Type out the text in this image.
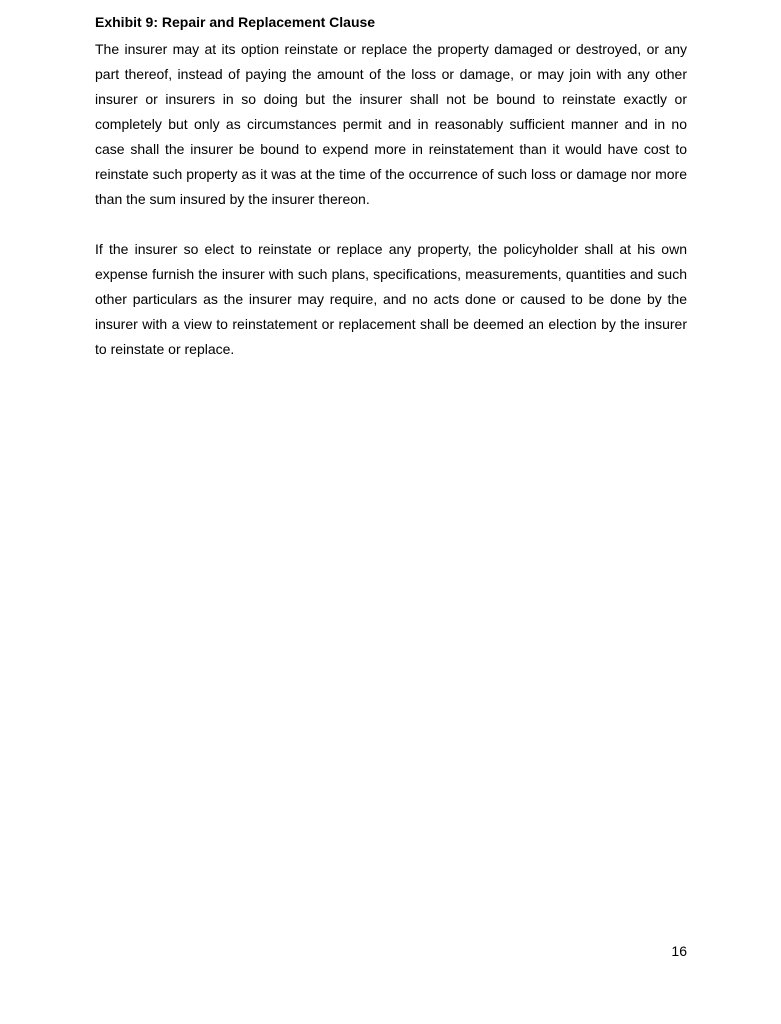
Exhibit 9: Repair and Replacement Clause

The insurer may at its option reinstate or replace the property damaged or destroyed, or any part thereof, instead of paying the amount of the loss or damage, or may join with any other insurer or insurers in so doing but the insurer shall not be bound to reinstate exactly or completely but only as circumstances permit and in reasonably sufficient manner and in no case shall the insurer be bound to expend more in reinstatement than it would have cost to reinstate such property as it was at the time of the occurrence of such loss or damage nor more than the sum insured by the insurer thereon.

If the insurer so elect to reinstate or replace any property, the policyholder shall at his own expense furnish the insurer with such plans, specifications, measurements, quantities and such other particulars as the insurer may require, and no acts done or caused to be done by the insurer with a view to reinstatement or replacement shall be deemed an election by the insurer to reinstate or replace.

16
